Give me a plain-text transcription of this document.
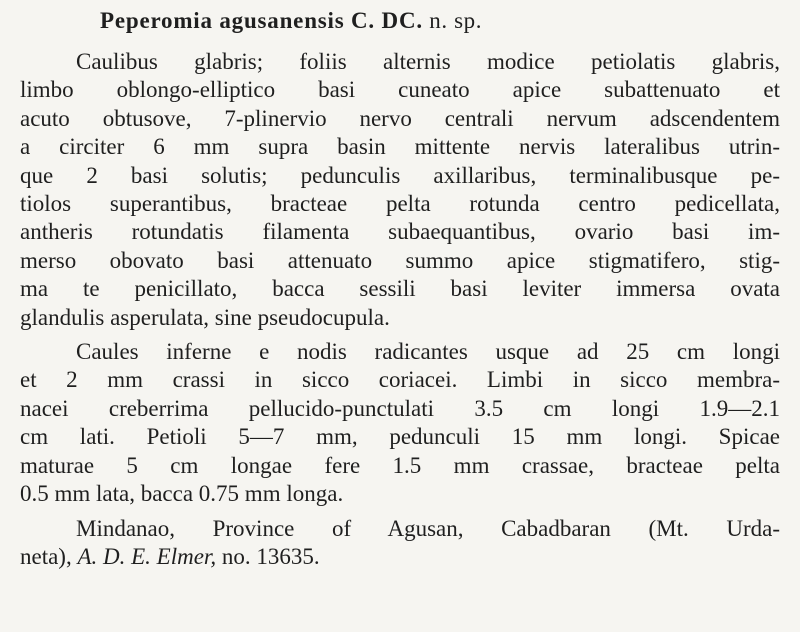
Peperomia agusanensis C. DC. n. sp.

Caulibus glabris; foliis alternis modice petiolatis glabris,
limbo oblongo-elliptico basi cuneato apice subattenuato et
acuto obtusove, 7-plinervio nervo centrali nervum adscendentem
a circiter 6 mm supra basin mittente nervis lateralibus utrin-
que 2 basi solutis; pedunculis axillaribus, terminalibusque pe-
tiolos superantibus, bracteae pelta rotunda centro pedicellata,
antheris rotundatis filamenta subaequantibus, ovario basi im-
merso obovato basi attenuato summo apice stigmatifero, stig-
ma te penicillato, bacca sessili basi leviter immersa ovata
glandulis asperulata, sine pseudocupula.

Caules inferne e nodis radicantes usque ad 25 cm longi
et 2 mm crassi in sicco coriacei. Limbi in sicco membra-
nacei creberrima pellucido-punctulati 3.5 cm longi 1.9—2.1
cm lati. Petioli 5—7 mm, pedunculi 15 mm longi. Spicae
maturae 5 cm longae fere 1.5 mm crassae, bracteae pelta
0.5 mm lata, bacca 0.75 mm longa.

Mindanao, Province of Agusan, Cabadbaran (Mt. Urda-
neta), A. D. E. Elmer, no. 13635.
